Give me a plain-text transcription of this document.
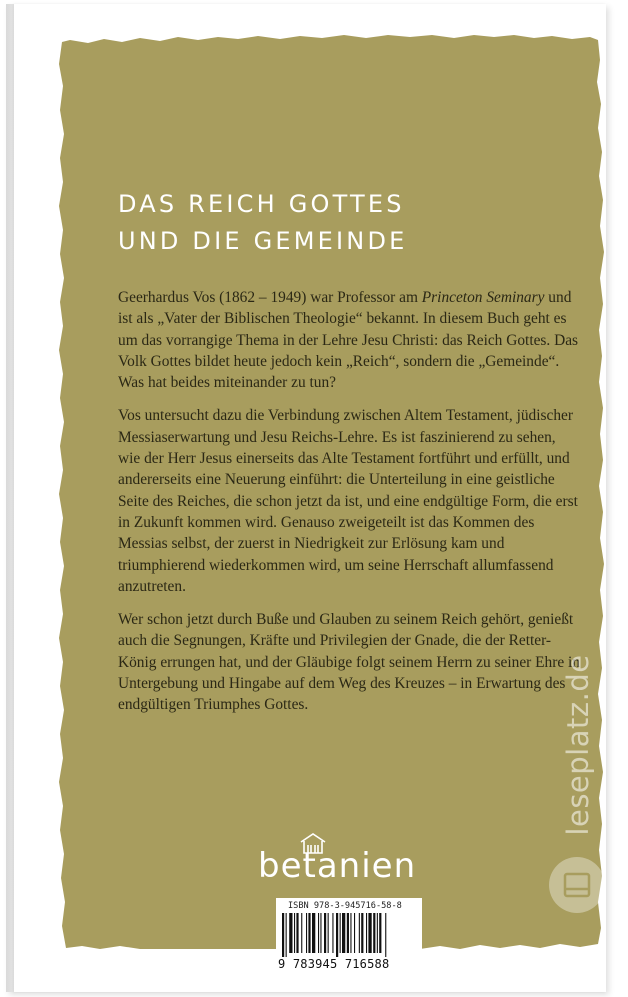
DAS REICH GOTTES
UND DIE GEMEINDE

Geerhardus Vos (1862 – 1949) war Professor am Princeton Seminary und ist als „Vater der Biblischen Theologie“ bekannt. In diesem Buch geht es um das vorrangige Thema in der Lehre Jesu Christi: das Reich Gottes. Das Volk Gottes bildet heute jedoch kein „Reich“, sondern die „Gemeinde“. Was hat beides miteinander zu tun?

Vos untersucht dazu die Verbindung zwischen Altem Testament, jüdischer Messiaserwartung und Jesu Reichs-Lehre. Es ist faszinierend zu sehen, wie der Herr Jesus einerseits das Alte Testament fortführt und erfüllt, und andererseits eine Neuerung einführt: die Unterteilung in eine geistliche Seite des Reiches, die schon jetzt da ist, und eine endgültige Form, die erst in Zukunft kommen wird. Genauso zweigeteilt ist das Kommen des Messias selbst, der zuerst in Niedrigkeit zur Erlösung kam und triumphierend wiederkommen wird, um seine Herrschaft allumfassend anzutreten.

Wer schon jetzt durch Buße und Glauben zu seinem Reich gehört, genießt auch die Segnungen, Kräfte und Privilegien der Gnade, die der Retter-König errungen hat, und der Gläubige folgt seinem Herrn zu seiner Ehre in Untergebung und Hingabe auf dem Weg des Kreuzes – in Erwartung des endgültigen Triumphes Gottes.

betanien
ISBN 978-3-945716-58-8
9 783945 716588
leseplatz.de
